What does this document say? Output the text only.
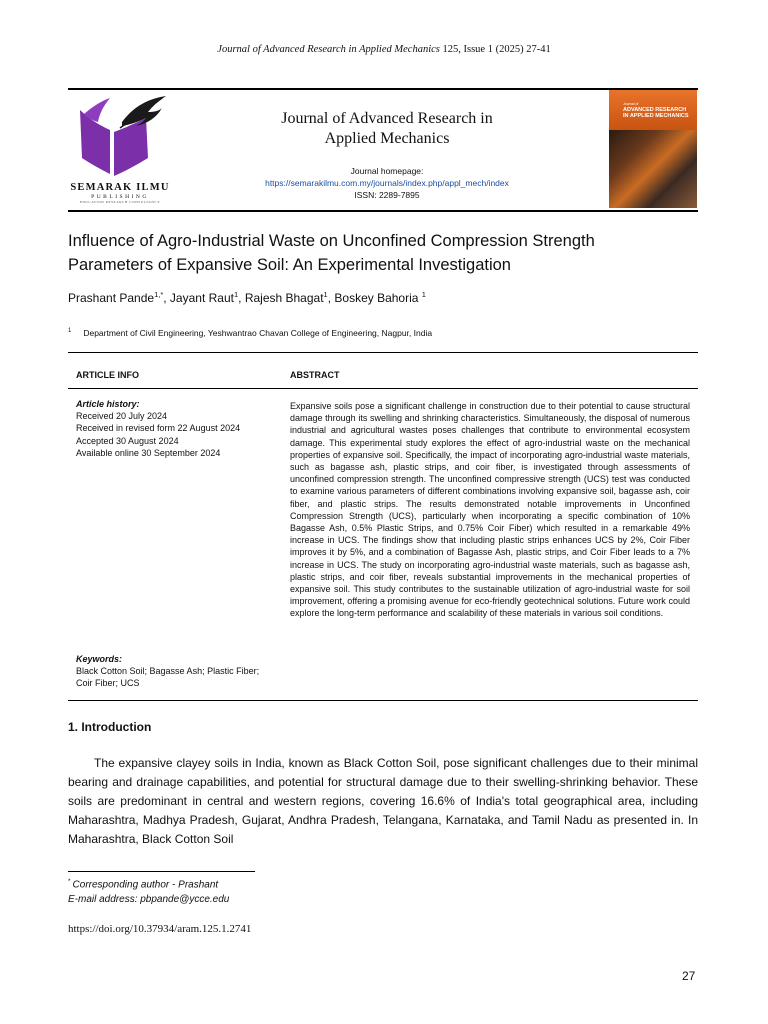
Journal of Advanced Research in Applied Mechanics 125, Issue 1 (2025) 27-41
SEMARAK ILMU
PUBLISHING
EDUCATION RESEARCH CONSULTANCY
Journal of Advanced Research in
Applied Mechanics
Journal homepage:
https://semarakilmu.com.my/journals/index.php/appl_mech/index
ISSN: 2289-7895
Journal of
ADVANCED RESEARCH
IN APPLIED MECHANICS
Influence of Agro-Industrial Waste on Unconfined Compression Strength
Parameters of Expansive Soil: An Experimental Investigation
Prashant Pande$^{1,*}$, Jayant Raut$^1$, Rajesh Bhagat$^1$, Boskey Bahoria $^1$
$^1$ Department of Civil Engineering, Yeshwantrao Chavan College of Engineering, Nagpur, India
ARTICLE INFO	ABSTRACT
Article history:
Received 20 July 2024
Received in revised form 22 August 2024
Accepted 30 August 2024
Available online 30 September 2024
Keywords:
Black Cotton Soil; Bagasse Ash; Plastic Fiber; Coir Fiber; UCS
Expansive soils pose a significant challenge in construction due to their potential to cause structural damage through its swelling and shrinking characteristics. Simultaneously, the disposal of numerous industrial and agricultural wastes poses challenges that contribute to environmental ecosystem damage. This experimental study explores the effect of agro-industrial waste on the mechanical properties of expansive soil. Specifically, the impact of incorporating agro-industrial waste materials, such as bagasse ash, plastic strips, and coir fiber, is investigated through assessments of unconfined compression strength. The unconfined compressive strength (UCS) test was conducted to examine various parameters of different combinations involving expansive soil, bagasse ash, coir fiber, and plastic strips. The results demonstrated notable improvements in Unconfined Compression Strength (UCS), particularly when incorporating a specific combination of 10% Bagasse Ash, 0.5% Plastic Strips, and 0.75% Coir Fiber) which resulted in a remarkable 49% increase in UCS. The findings show that including plastic strips enhances UCS by 2%, Coir Fiber improves it by 5%, and a combination of Bagasse Ash, plastic strips, and Coir Fiber leads to a 7% increase in UCS. The study on incorporating agro-industrial waste materials, such as bagasse ash, plastic strips, and coir fiber, reveals substantial improvements in the mechanical properties of expansive soil. This study contributes to the sustainable utilization of agro-industrial waste for soil improvement, offering a promising avenue for eco-friendly geotechnical solutions. Future work could explore the long-term performance and scalability of these materials in various soil conditions.
1. Introduction
The expansive clayey soils in India, known as Black Cotton Soil, pose significant challenges due to their minimal bearing and drainage capabilities, and potential for structural damage due to their swelling-shrinking behavior. These soils are predominant in central and western regions, covering 16.6% of India's total geographical area, including Maharashtra, Madhya Pradesh, Gujarat, Andhra Pradesh, Telangana, Karnataka, and Tamil Nadu as presented in. In Maharashtra, Black Cotton Soil
* Corresponding author - Prashant
E-mail address: pbpande@ycce.edu
https://doi.org/10.37934/aram.125.1.2741
27
